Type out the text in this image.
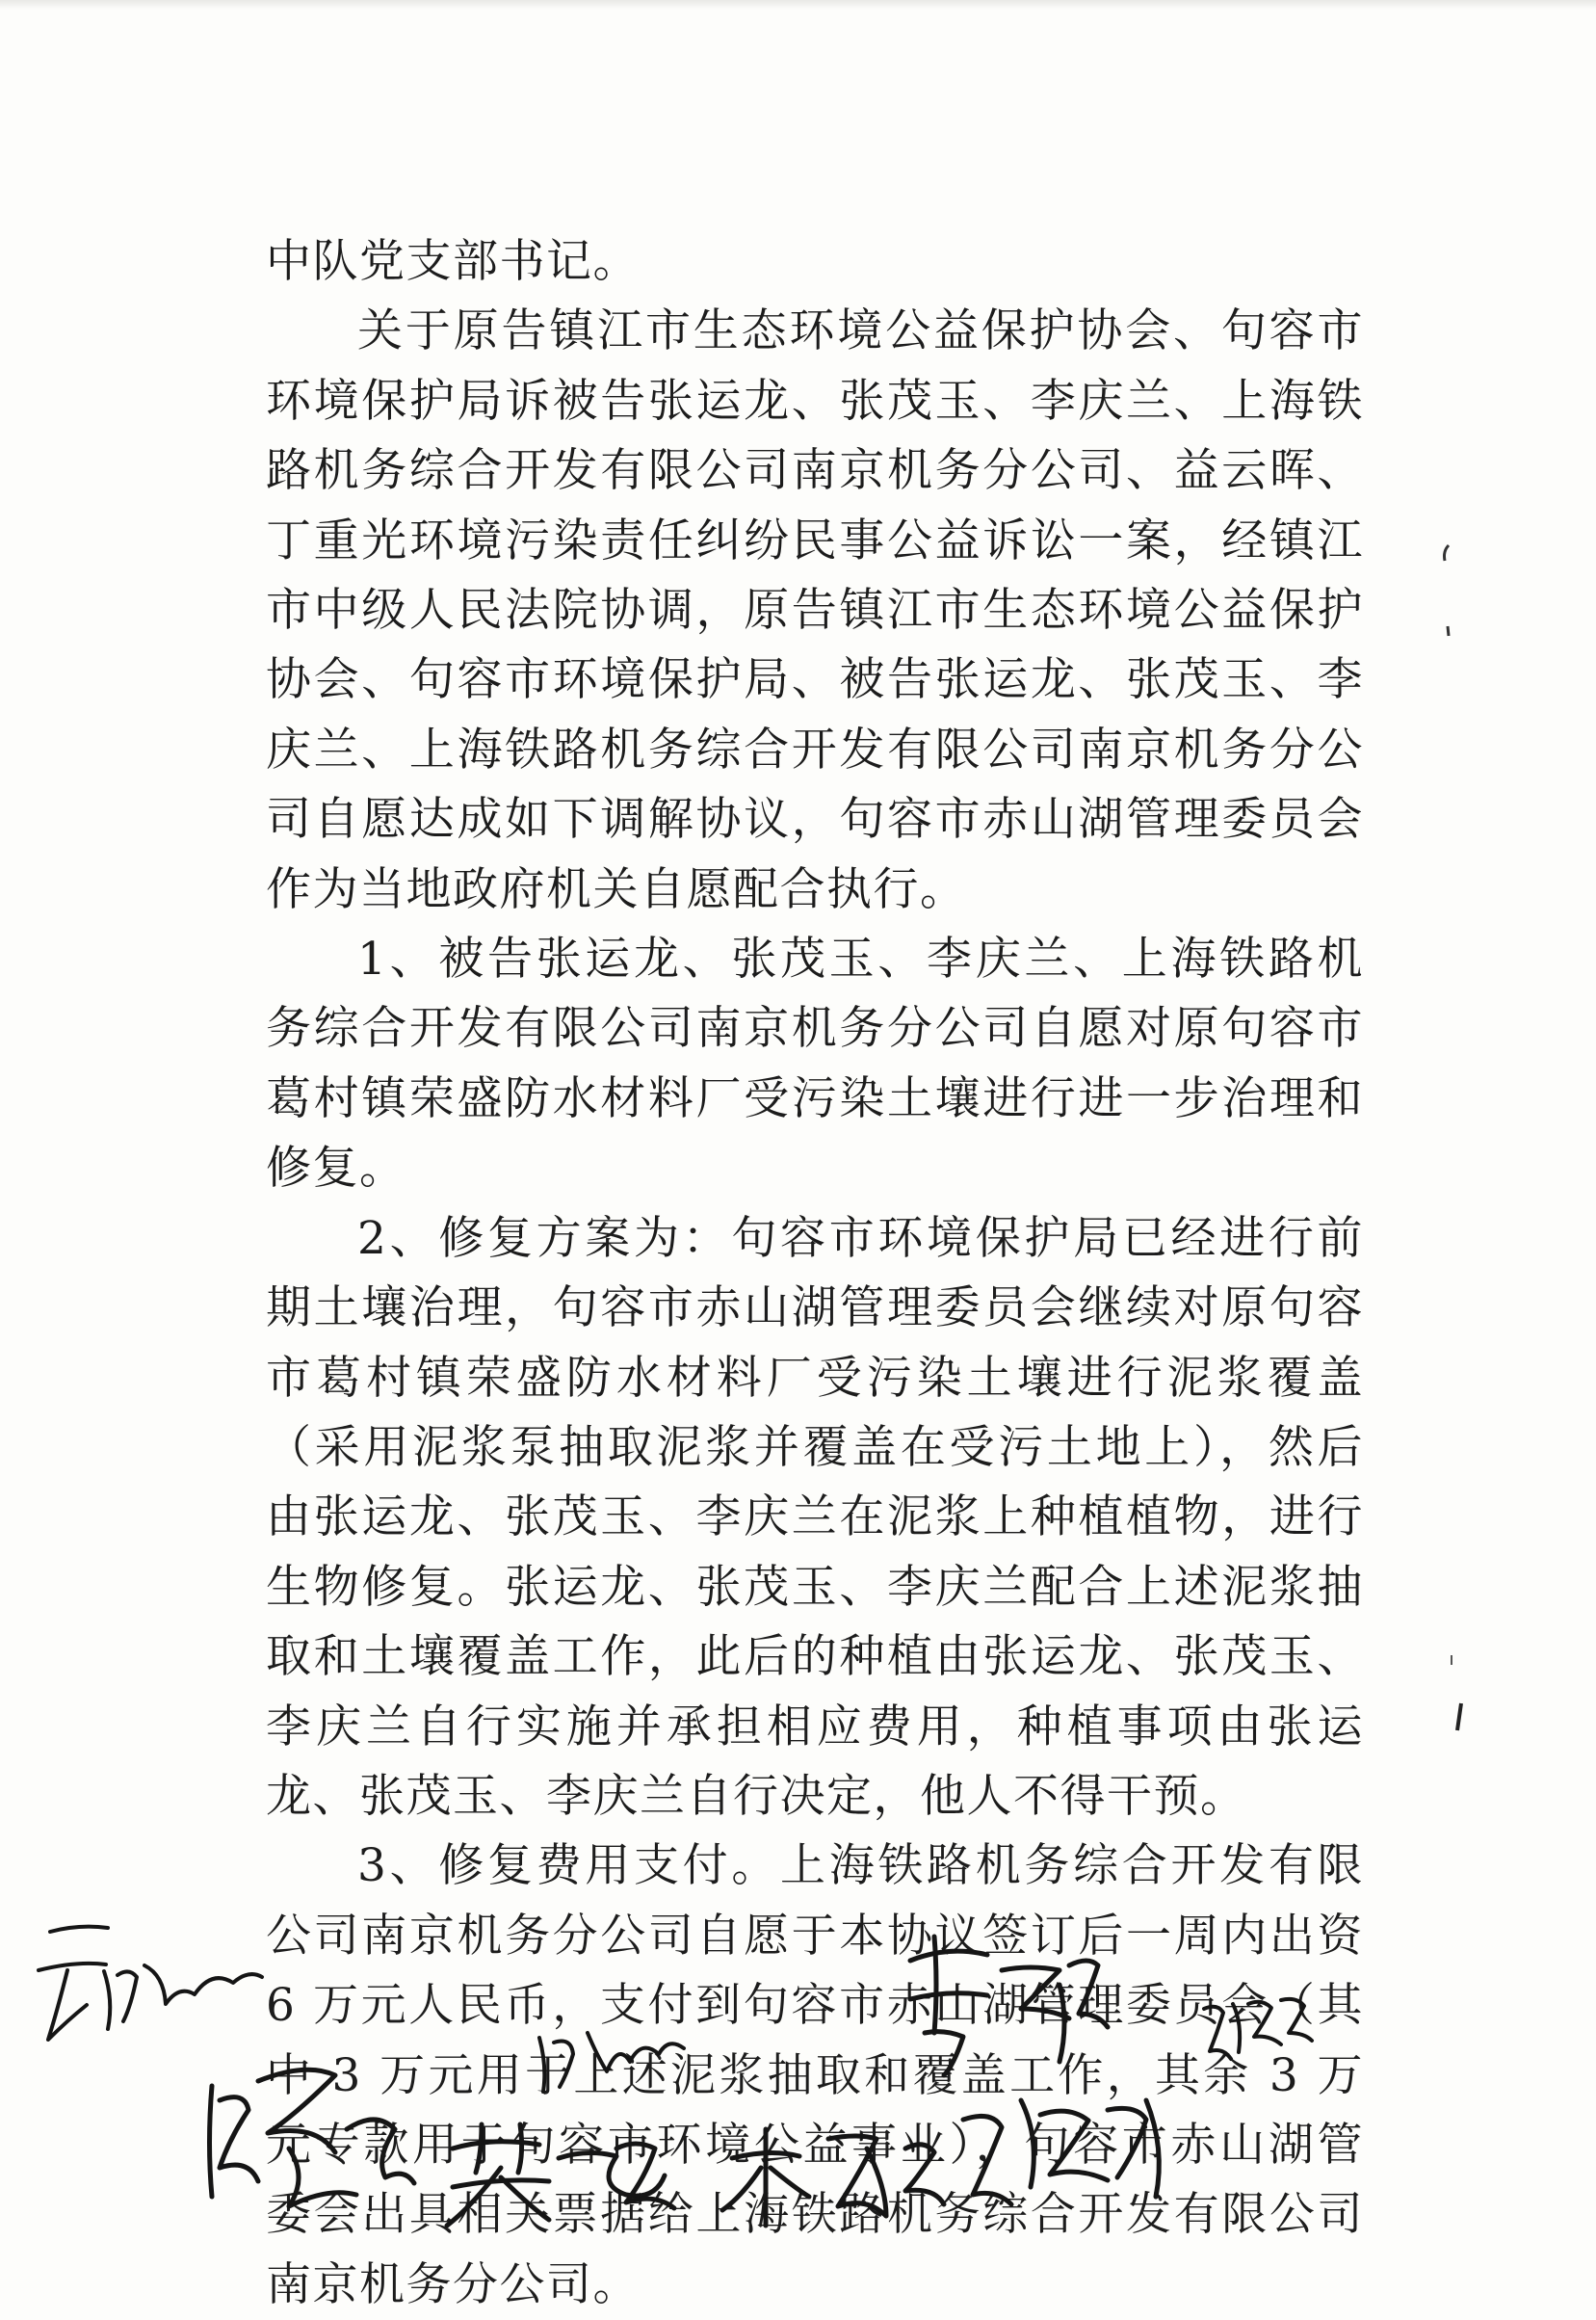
中队党支部书记。

关于原告镇江市生态环境公益保护协会、句容市环境保护局诉被告张运龙、张茂玉、李庆兰、上海铁路机务综合开发有限公司南京机务分公司、益云晖、丁重光环境污染责任纠纷民事公益诉讼一案，经镇江市中级人民法院协调，原告镇江市生态环境公益保护协会、句容市环境保护局、被告张运龙、张茂玉、李庆兰、上海铁路机务综合开发有限公司南京机务分公司自愿达成如下调解协议，句容市赤山湖管理委员会作为当地政府机关自愿配合执行。

1、被告张运龙、张茂玉、李庆兰、上海铁路机务综合开发有限公司南京机务分公司自愿对原句容市葛村镇荣盛防水材料厂受污染土壤进行进一步治理和修复。

2、修复方案为：句容市环境保护局已经进行前期土壤治理，句容市赤山湖管理委员会继续对原句容市葛村镇荣盛防水材料厂受污染土壤进行泥浆覆盖（采用泥浆泵抽取泥浆并覆盖在受污土地上），然后由张运龙、张茂玉、李庆兰在泥浆上种植植物，进行生物修复。张运龙、张茂玉、李庆兰配合上述泥浆抽取和土壤覆盖工作，此后的种植由张运龙、张茂玉、李庆兰自行实施并承担相应费用，种植事项由张运龙、张茂玉、李庆兰自行决定，他人不得干预。

3、修复费用支付。上海铁路机务综合开发有限公司南京机务分公司自愿于本协议签订后一周内出资 6 万元人民币，支付到句容市赤山湖管理委员会（其中 3 万元用于上述泥浆抽取和覆盖工作，其余 3 万元专款用于句容市环境公益事业），句容市赤山湖管委会出具相关票据给上海铁路机务综合开发有限公司南京机务分公司。
